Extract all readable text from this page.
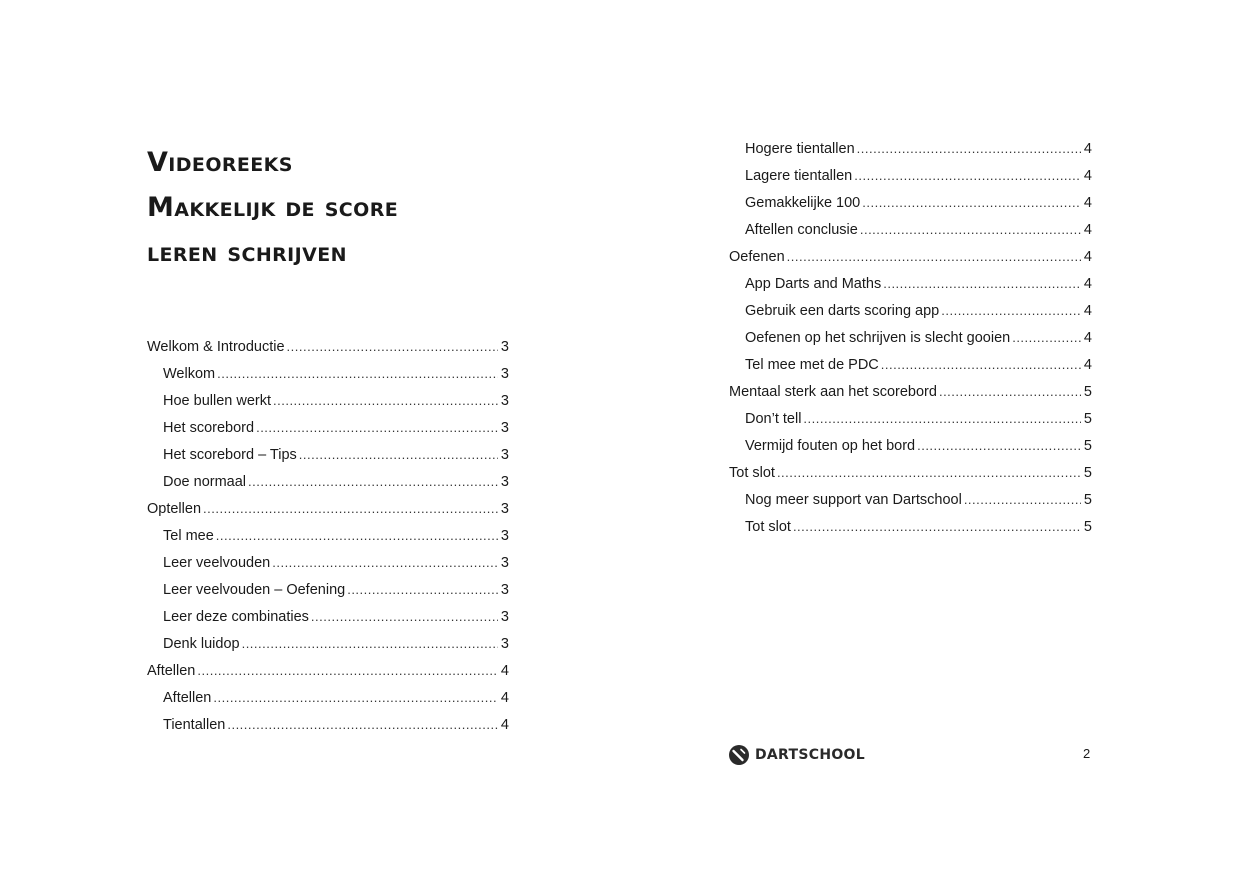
Videoreeks
Makkelijk de score
leren schrijven
Welkom & Introductie .....	3
Welkom .....	3
Hoe bullen werkt .....	3
Het scorebord .....	3
Het scorebord – Tips .....	3
Doe normaal .....	3
Optellen .....	3
Tel mee .....	3
Leer veelvouden .....	3
Leer veelvouden – Oefening .....	3
Leer deze combinaties .....	3
Denk luidop .....	3
Aftellen .....	4
Aftellen .....	4
Tientallen .....	4
Hogere tientallen .....	4
Lagere tientallen .....	4
Gemakkelijke 100 .....	4
Aftellen conclusie .....	4
Oefenen .....	4
App Darts and Maths .....	4
Gebruik een darts scoring app .....	4
Oefenen op het schrijven is slecht gooien .....	4
Tel mee met de PDC .....	4
Mentaal sterk aan het scorebord .....	5
Don’t tell .....	5
Vermijd fouten op het bord .....	5
Tot slot .....	5
Nog meer support van Dartschool .....	5
Tot slot .....	5
DARTSCHOOL	2
